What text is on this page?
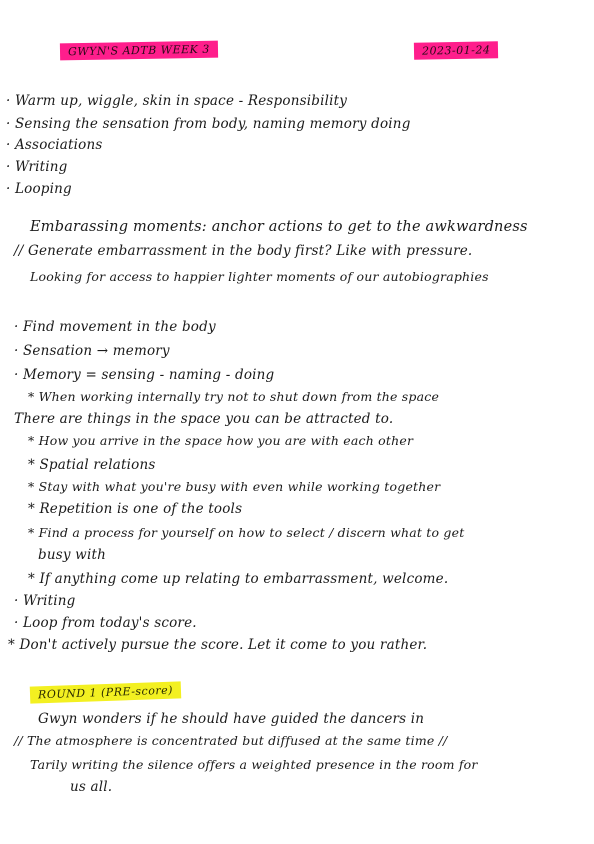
GWYN'S ADTB WEEK 3	2023-01-24
· Warm up, wiggle, skin in space - Responsibility
· Sensing the sensation from body, naming memory doing
· Associations
· Writing
· Looping
Embarassing moments: anchor actions to get to the awkwardness
// Generate embarrassment in the body first? Like with pressure.
Looking for access to happier lighter moments of our autobiographies
· Find movement in the body
· Sensation → memory
· Memory = sensing - naming - doing
* When working internally try not to shut down from the space
There are things in the space you can be attracted to.
* How you arrive in the space how you are with each other
* Spatial relations
* Stay with what you're busy with even while working together
* Repetition is one of the tools
* Find a process for yourself on how to select / discern what to get
busy with
* If anything come up relating to embarrassment, welcome.
· Writing
· Loop from today's score.
* Don't actively pursue the score. Let it come to you rather.
ROUND 1 (PRE-score)
Gwyn wonders if he should have guided the dancers in
// The atmosphere is concentrated but diffused at the same time //
Tarily writing the silence offers a weighted presence in the room for
us all.
